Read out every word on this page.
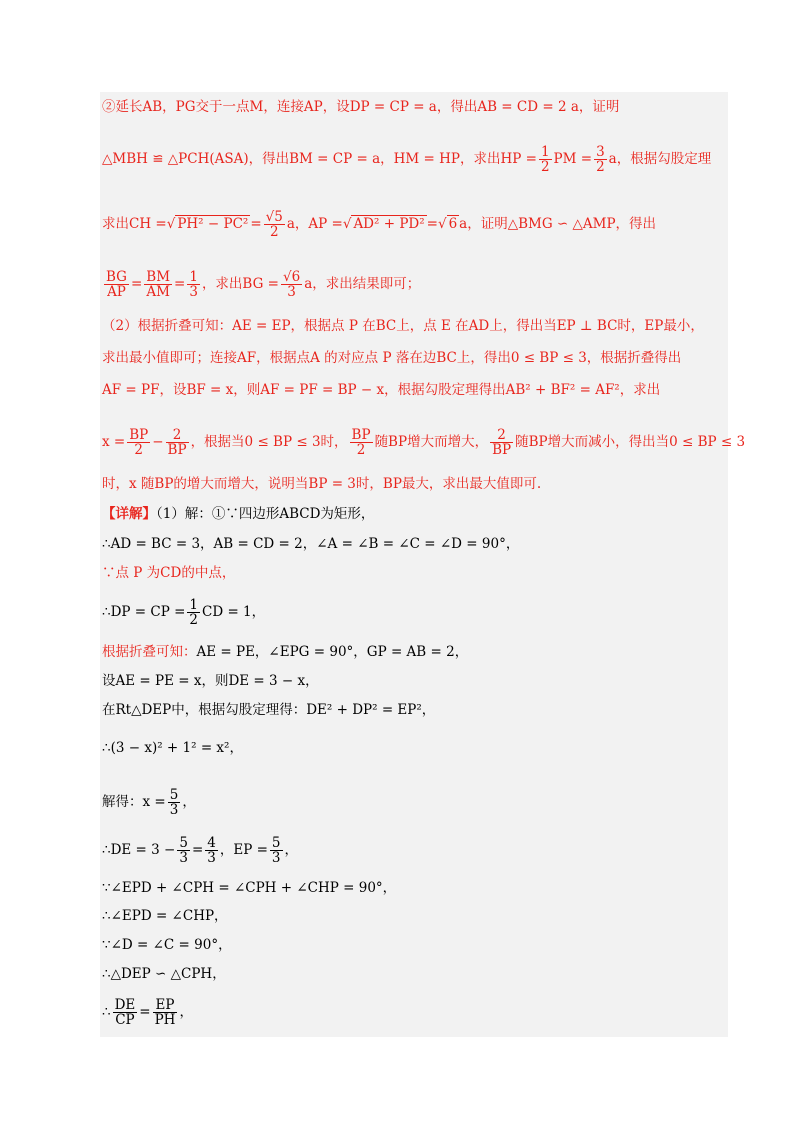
②延长AB，PG交于一点M，连接AP，设DP = CP = a，得出AB = CD = 2 a，证明
△MBH ≌ △PCH(ASA)，得出BM = CP = a，HM = HP，求出HP = $\frac{1}{2}$ PM = $\frac{3}{2}$ a，根据勾股定理
求出CH =√ $PH^2 - PC^2 = \frac{√5}{2}$ a，AP =√ AD² + PD² =√ 6 a，证明△BMG ∽ △AMP，得出
$\frac{BG}{AP} = \frac{BM}{AM} = \frac{1}{3}$ ，求出BG = $\frac{√6}{3}$ a，求出结果即可；
（2）根据折叠可知：AE = EP，根据点 P 在BC上，点 E 在AD上，得出当EP ⊥ BC时，EP最小，
求出最小值即可；连接AF，根据点A 的对应点 P 落在边BC上，得出0 ≤ BP ≤ 3，根据折叠得出
AF = PF，设BF = x，则AF = PF = BP − x，根据勾股定理得出AB² + BF² = AF²，求出
$x = \frac{BP}{2} - \frac{2}{BP}$ ，根据当0 ≤ BP ≤ 3时， $\frac{BP}{2}$ 随BP增大而增大， $\frac{2}{BP}$ 随BP增大而减小，得出当0 ≤ BP ≤ 3
时，x 随BP的增大而增大，说明当BP = 3时，BP最大，求出最大值即可.
【详解】（1）解：①∵四边形ABCD为矩形，
∴AD = BC = 3，AB = CD = 2，∠A = ∠B = ∠C = ∠D = 90°，
∵点 P 为CD的中点，
∴DP = CP = $\frac{1}{2}$ CD = 1，
根据折叠可知：AE = PE，∠EPG = 90°，GP = AB = 2，
设AE = PE = x，则DE = 3 − x，
在Rt△DEP中，根据勾股定理得：DE² + DP² = EP²，
∴(3 − x)² + 1² = x²，
解得：$x = \frac{5}{3}$ ，
∴DE = $3 - \frac{5}{3} = \frac{4}{3}$ ，EP = $\frac{5}{3}$ ，
∵∠EPD + ∠CPH = ∠CPH + ∠CHP = 90°，
∴∠EPD = ∠CHP，
∵∠D = ∠C = 90°，
∴△DEP ∽ △CPH，
∴ $\frac{DE}{CP} = \frac{EP}{PH}$ ，
